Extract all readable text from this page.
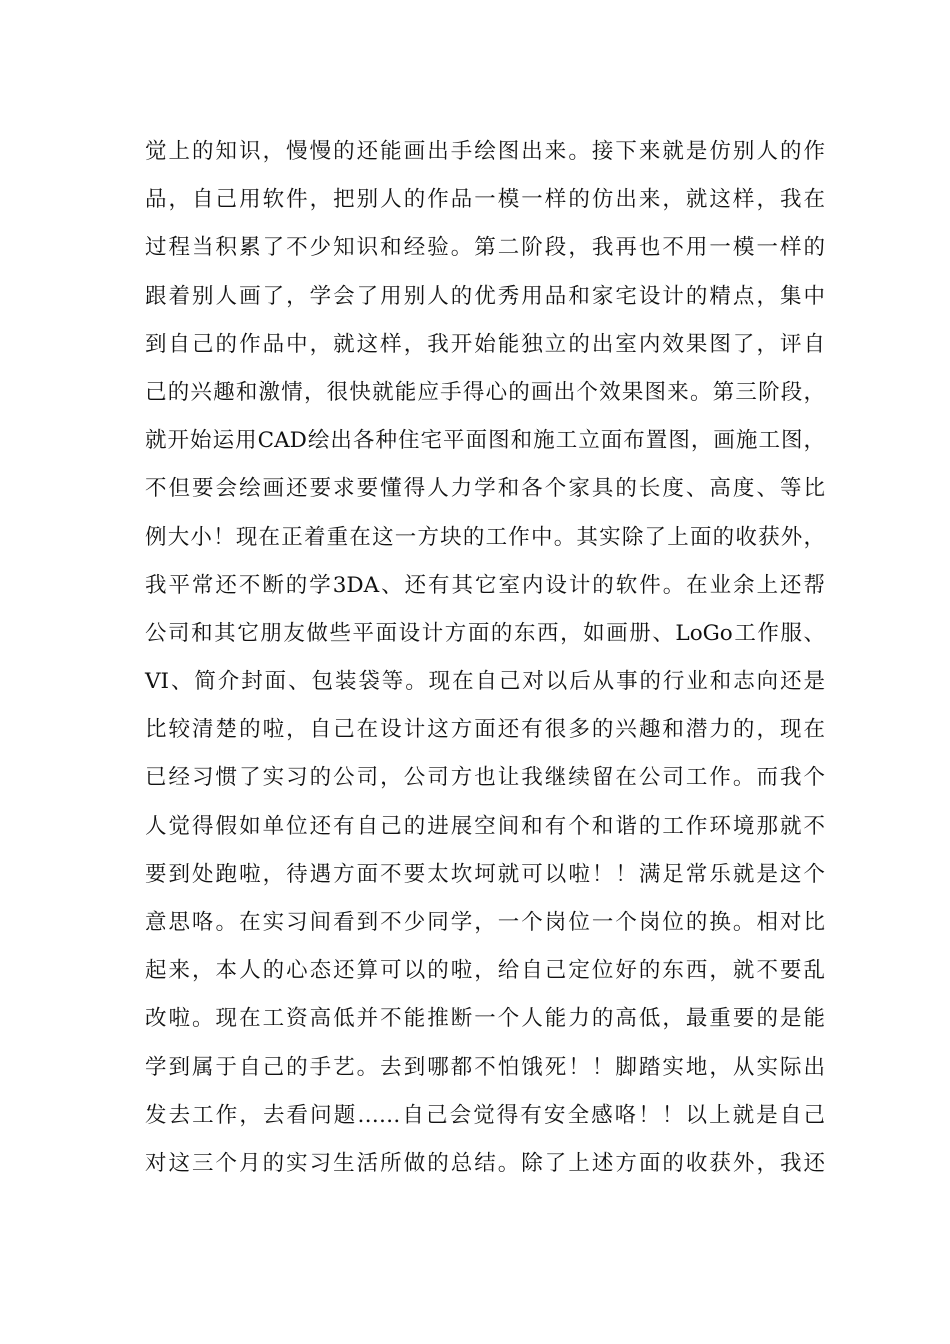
觉上的知识，慢慢的还能画出手绘图出来。接下来就是仿别人的作
品，自己用软件，把别人的作品一模一样的仿出来，就这样，我在
过程当积累了不少知识和经验。第二阶段，我再也不用一模一样的
跟着别人画了，学会了用别人的优秀用品和家宅设计的精点，集中
到自己的作品中，就这样，我开始能独立的出室内效果图了，评自
己的兴趣和激情，很快就能应手得心的画出个效果图来。第三阶段，
就开始运用CAD绘出各种住宅平面图和施工立面布置图，画施工图，
不但要会绘画还要求要懂得人力学和各个家具的长度、高度、等比
例大小！现在正着重在这一方块的工作中。其实除了上面的收获外，
我平常还不断的学3DA、还有其它室内设计的软件。在业余上还帮
公司和其它朋友做些平面设计方面的东西，如画册、LoGo工作服、
VI、简介封面、包装袋等。现在自己对以后从事的行业和志向还是
比较清楚的啦，自己在设计这方面还有很多的兴趣和潜力的，现在
已经习惯了实习的公司，公司方也让我继续留在公司工作。而我个
人觉得假如单位还有自己的进展空间和有个和谐的工作环境那就不
要到处跑啦，待遇方面不要太坎坷就可以啦！！满足常乐就是这个
意思咯。在实习间看到不少同学，一个岗位一个岗位的换。相对比
起来，本人的心态还算可以的啦，给自己定位好的东西，就不要乱
改啦。现在工资高低并不能推断一个人能力的高低，最重要的是能
学到属于自己的手艺。去到哪都不怕饿死！！脚踏实地，从实际出
发去工作，去看问题……自己会觉得有安全感咯！！以上就是自己
对这三个月的实习生活所做的总结。除了上述方面的收获外，我还
